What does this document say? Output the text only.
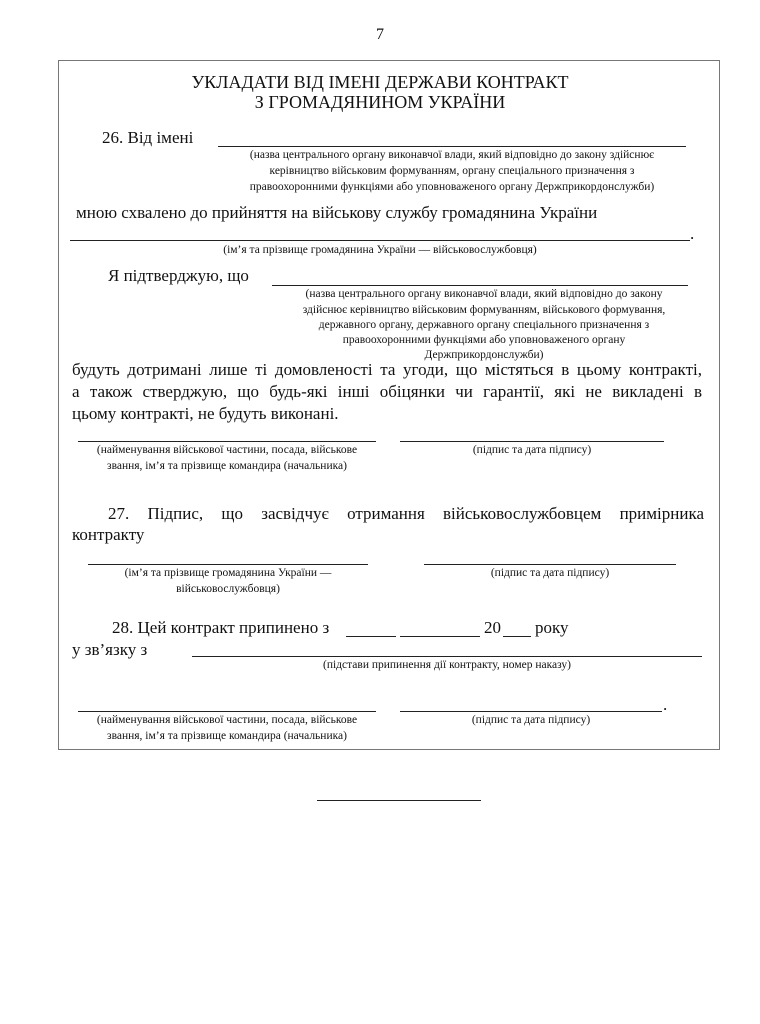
7
УКЛАДАТИ ВІД ІМЕНІ ДЕРЖАВИ КОНТРАКТ
З ГРОМАДЯНИНОМ УКРАЇНИ
26. Від імені
(назва центрального органу виконавчої влади, який відповідно до закону здійснює
керівництво військовим формуванням, органу спеціального призначення з
правоохоронними функціями або уповноваженого органу Держприкордонслужби)
мною схвалено до прийняття на військову службу громадянина України
.
(ім’я та прізвище громадянина України — військовослужбовця)
Я підтверджую, що
(назва центрального органу виконавчої влади, який відповідно до закону
здійснює керівництво військовим формуванням, військового формування,
державного органу, державного органу спеціального призначення з
правоохоронними функціями або уповноваженого органу
Держприкордонслужби)
будуть дотримані лише ті домовленості та угоди, що містяться в цьому контракті,
а також стверджую, що будь-які інші обіцянки чи гарантії, які не викладені в
цьому контракті, не будуть виконані.
(найменування військової частини, посада, військове
звання, ім’я та прізвище командира (начальника)
(підпис та дата підпису)
27. Підпис, що засвідчує отримання військовослужбовцем примірника
контракту
(ім’я та прізвище громадянина України —
військовослужбовця)
(підпис та дата підпису)
28. Цей контракт припинено з	20 року
у зв’язку з
(підстави припинення дії контракту, номер наказу)
.
(найменування військової частини, посада, військове
звання, ім’я та прізвище командира (начальника)
(підпис та дата підпису)
